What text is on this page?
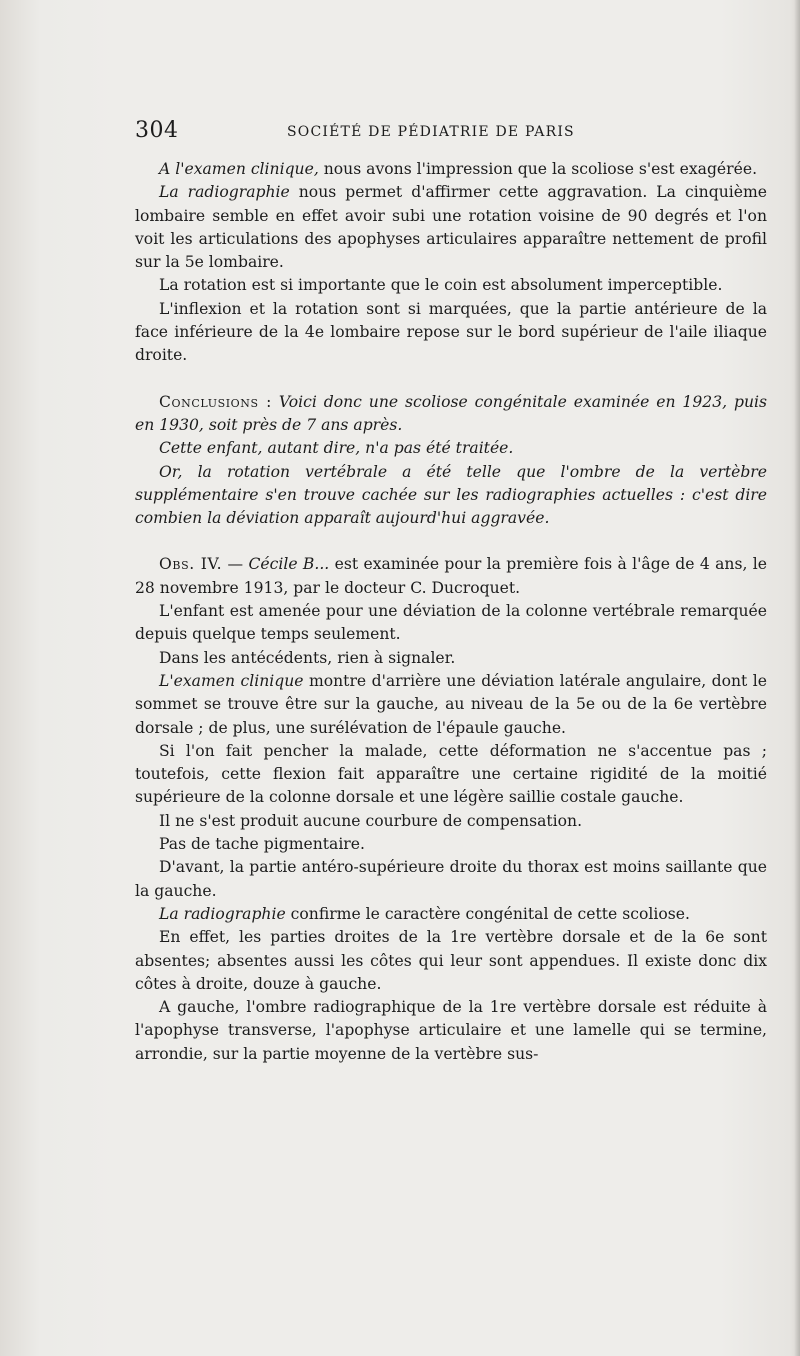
304	SOCIÉTÉ DE PÉDIATRIE DE PARIS

A l'examen clinique, nous avons l'impression que la scoliose s'est exagérée.

La radiographie nous permet d'affirmer cette aggravation. La cinquième lombaire semble en effet avoir subi une rotation voisine de 90 degrés et l'on voit les articulations des apophyses articulaires apparaître nettement de profil sur la 5e lombaire.

La rotation est si importante que le coin est absolument imperceptible.

L'inflexion et la rotation sont si marquées, que la partie antérieure de la face inférieure de la 4e lombaire repose sur le bord supérieur de l'aile iliaque droite.

Conclusions : Voici donc une scoliose congénitale examinée en 1923, puis en 1930, soit près de 7 ans après.

Cette enfant, autant dire, n'a pas été traitée.

Or, la rotation vertébrale a été telle que l'ombre de la vertèbre supplémentaire s'en trouve cachée sur les radiographies actuelles : c'est dire combien la déviation apparaît aujourd'hui aggravée.

Obs. IV. — Cécile B... est examinée pour la première fois à l'âge de 4 ans, le 28 novembre 1913, par le docteur C. Ducroquet.

L'enfant est amenée pour une déviation de la colonne vertébrale remarquée depuis quelque temps seulement.

Dans les antécédents, rien à signaler.

L'examen clinique montre d'arrière une déviation latérale angulaire, dont le sommet se trouve être sur la gauche, au niveau de la 5e ou de la 6e vertèbre dorsale ; de plus, une surélévation de l'épaule gauche.

Si l'on fait pencher la malade, cette déformation ne s'accentue pas ; toutefois, cette flexion fait apparaître une certaine rigidité de la moitié supérieure de la colonne dorsale et une légère saillie costale gauche.

Il ne s'est produit aucune courbure de compensation.

Pas de tache pigmentaire.

D'avant, la partie antéro-supérieure droite du thorax est moins saillante que la gauche.

La radiographie confirme le caractère congénital de cette scoliose.

En effet, les parties droites de la 1re vertèbre dorsale et de la 6e sont absentes; absentes aussi les côtes qui leur sont appendues. Il existe donc dix côtes à droite, douze à gauche.

A gauche, l'ombre radiographique de la 1re vertèbre dorsale est réduite à l'apophyse transverse, l'apophyse articulaire et une lamelle qui se termine, arrondie, sur la partie moyenne de la vertèbre sus-
